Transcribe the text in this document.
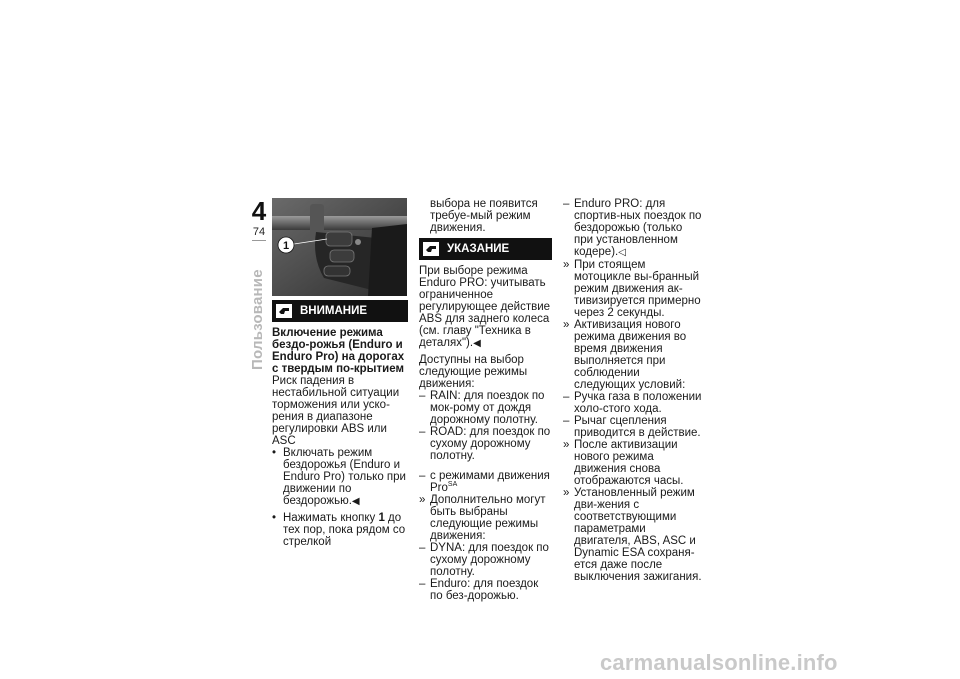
4
74
Пользование
1
ВНИМАНИЕ

Включение режима бездо-рожья (Enduro и Enduro Pro) на дорогах с твердым по-крытием

Риск падения в нестабильной ситуации торможения или уско-рения в диапазоне регулировки ABS или ASC

• Включать режим бездорожья (Enduro и Enduro Pro) только при движении по бездорожью.◀
• Нажимать кнопку 1 до тех пор, пока рядом со стрелкой

выбора не появится требуе-мый режим движения.

УКАЗАНИЕ

При выборе режима Enduro PRO: учитывать ограниченное регулирующее действие ABS для заднего колеса (см. главу "Техника в деталях").◀

Доступны на выбор следующие режимы движения:

– RAIN: для поездок по мок-рому от дождя дорожному полотну.
– ROAD: для поездок по сухому дорожному полотну.
– с режимами движения Pro$^{SA}$
» Дополнительно могут быть выбраны следующие режимы движения:
– DYNA: для поездок по сухому дорожному полотну.
– Enduro: для поездок по без-дорожью.
– Enduro PRO: для спортив-ных поездок по бездорожью (только при установленном кодере).◁
» При стоящем мотоцикле вы-бранный режим движения ак-тивизируется примерно через 2 секунды.
» Активизация нового режима движения во время движения выполняется при соблюдении следующих условий:
– Ручка газа в положении холо-стого хода.
– Рычаг сцепления приводится в действие.
» После активизации нового режима движения снова отображаются часы.
» Установленный режим дви-жения с соответствующими параметрами двигателя, ABS, ASC и Dynamic ESA сохраня-ется даже после выключения зажигания.
carmanualsonline.info
